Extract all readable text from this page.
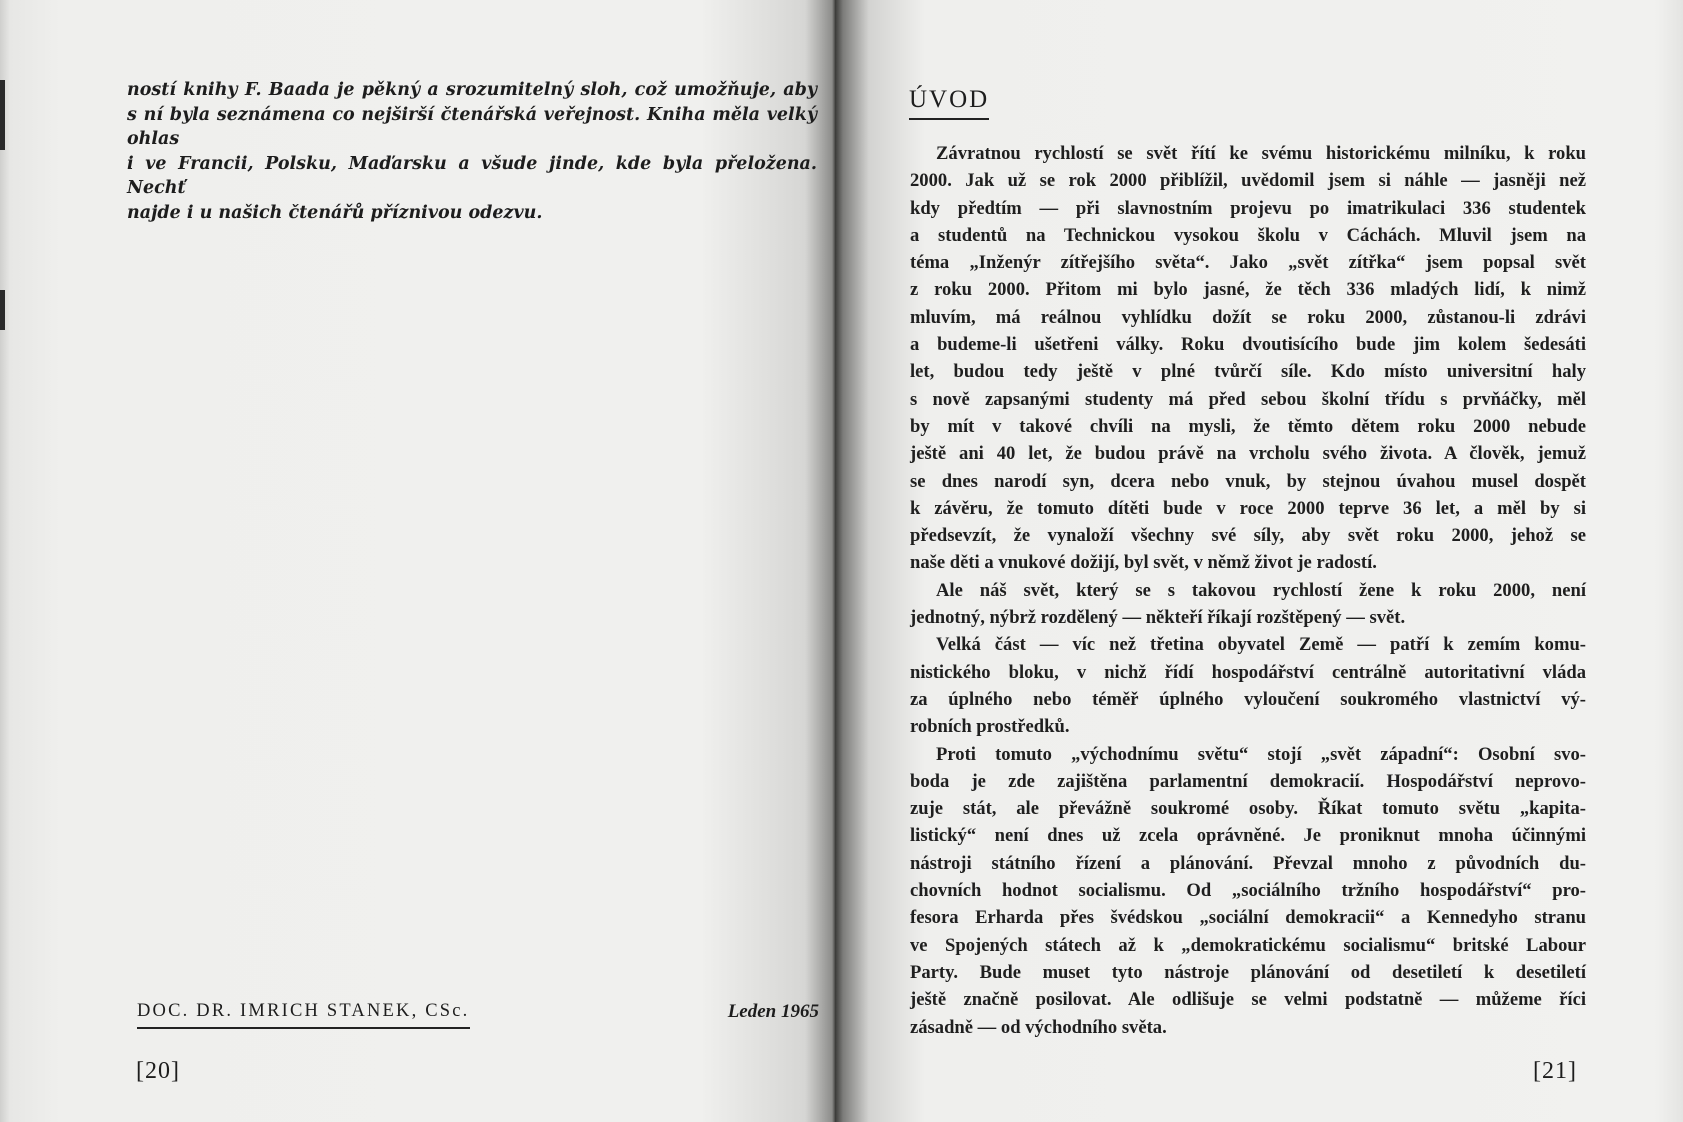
ností knihy F. Baada je pěkný a srozumitelný sloh, což umožňuje, aby
s ní byla seznámena co nejširší čtenářská veřejnost. Kniha měla velký ohlas
i ve Francii, Polsku, Maďarsku a všude jinde, kde byla přeložena. Nechť
najde i u našich čtenářů příznivou odezvu.
DOC. DR. IMRICH STANEK, CSc.	Leden 1965
[20]
ÚVOD
Závratnou rychlostí se svět řítí ke svému historickému milníku, k roku
2000. Jak už se rok 2000 přiblížil, uvědomil jsem si náhle — jasněji než
kdy předtím — při slavnostním projevu po imatrikulaci 336 studentek
a studentů na Technickou vysokou školu v Cáchách. Mluvil jsem na
téma „Inženýr zítřejšího světa“. Jako „svět zítřka“ jsem popsal svět
z roku 2000. Přitom mi bylo jasné, že těch 336 mladých lidí, k nimž
mluvím, má reálnou vyhlídku dožít se roku 2000, zůstanou-li zdrávi
a budeme-li ušetřeni války. Roku dvoutisícího bude jim kolem šedesáti
let, budou tedy ještě v plné tvůrčí síle. Kdo místo universitní haly
s nově zapsanými studenty má před sebou školní třídu s prvňáčky, měl
by mít v takové chvíli na mysli, že těmto dětem roku 2000 nebude
ještě ani 40 let, že budou právě na vrcholu svého života. A člověk, jemuž
se dnes narodí syn, dcera nebo vnuk, by stejnou úvahou musel dospět
k závěru, že tomuto dítěti bude v roce 2000 teprve 36 let, a měl by si
předsevzít, že vynaloží všechny své síly, aby svět roku 2000, jehož se
naše děti a vnukové dožijí, byl svět, v němž život je radostí.
Ale náš svět, který se s takovou rychlostí žene k roku 2000, není
jednotný, nýbrž rozdělený — někteří říkají rozštěpený — svět.
Velká část — víc než třetina obyvatel Země — patří k zemím komu-
nistického bloku, v nichž řídí hospodářství centrálně autoritativní vláda
za úplného nebo téměř úplného vyloučení soukromého vlastnictví vý-
robních prostředků.
Proti tomuto „východnímu světu“ stojí „svět západní“: Osobní svo-
boda je zde zajištěna parlamentní demokracií. Hospodářství neprovo-
zuje stát, ale převážně soukromé osoby. Říkat tomuto světu „kapita-
listický“ není dnes už zcela oprávněné. Je proniknut mnoha účinnými
nástroji státního řízení a plánování. Převzal mnoho z původních du-
chovních hodnot socialismu. Od „sociálního tržního hospodářství“ pro-
fesora Erharda přes švédskou „sociální demokracii“ a Kennedyho stranu
ve Spojených státech až k „demokratickému socialismu“ britské Labour
Party. Bude muset tyto nástroje plánování od desetiletí k desetiletí
ještě značně posilovat. Ale odlišuje se velmi podstatně — můžeme říci
zásadně — od východního světa.
[21]
